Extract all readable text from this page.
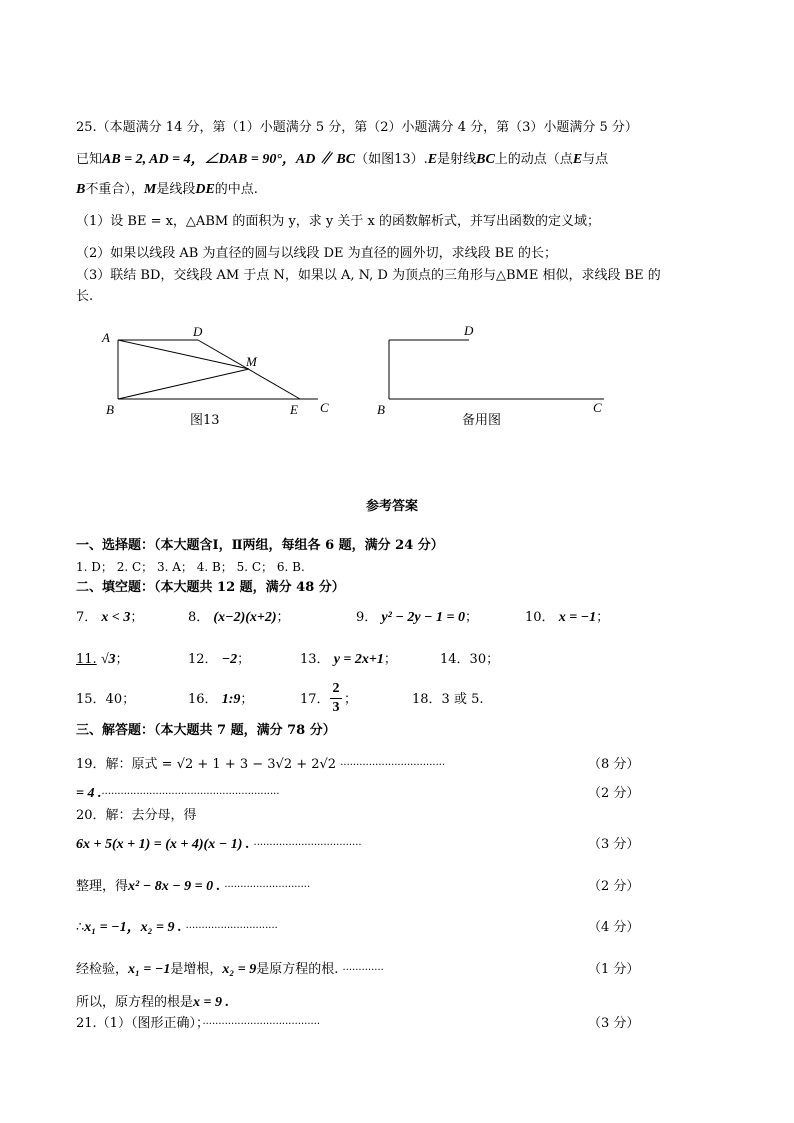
25.（本题满分 14 分，第（1）小题满分 5 分，第（2）小题满分 4 分，第（3）小题满分 5 分）
已知AB = 2, AD = 4，∠DAB = 90°，AD ∥ BC（如图13）.E是射线BC上的动点（点E与点
B不重合），M是线段DE的中点.
（1）设 BE = x，△ABM 的面积为 y，求 y 关于 x 的函数解析式，并写出函数的定义域；
（2）如果以线段 AB 为直径的圆与以线段 DE 为直径的圆外切，求线段 BE 的长；
（3）联结 BD，交线段 AM 于点 N，如果以 A, N, D 为顶点的三角形与△BME 相似，求线段 BE 的
长.
A	D
M
B	E C
图13
D
B	C
备用图
参考答案
一、选择题：（本大题含Ⅰ，Ⅱ两组，每组各 6 题，满分 24 分）
1. D； 2. C； 3. A； 4. B； 5. C； 6. B.
二、填空题：（本大题共 12 题，满分 48 分）
7． x < 3；	8． (x−2)(x+2)；	9． y² − 2y − 1 = 0；	10． x = −1；
11. √3；	12． −2；	13． y = 2x+1；	14．30；
15．40；	16． 1:9；	17．
2
3
；	18．3 或 5.
三、解答题：（本大题共 7 题，满分 78 分）
19．解：原式 = √2 + 1 + 3 − 3√2 + 2√2 ·································	（8 分）
= 4 .························································	（2 分）
20．解：去分母，得
6x + 5(x + 1) = (x + 4)(x − 1) . ··································	（3 分）
整理，得x² − 8x − 9 = 0 . ···························	（2 分）
∴x₁ = −1，x₂ = 9 . ·····························	（4 分）
经检验，x₁ = −1是增根，x₂ = 9是原方程的根. ·············	（1 分）
所以，原方程的根是x = 9 .
21.（1）（图形正确）；·····································	（3 分）
